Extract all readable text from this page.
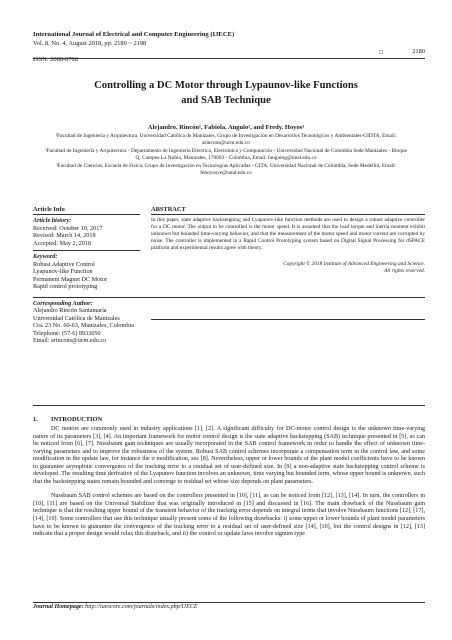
International Journal of Electrical and Computer Engineering (IJECE)
Vol. 8, No. 4, August 2018, pp. 2180 ~ 2198
ISSN: 2088-8708
□	2180
Controlling a DC Motor through Lypaunov-like Functions
and SAB Technique
Alejandro. Rincón¹, Fabiola. Angulo², and Fredy. Hoyos³

¹Facultad de Ingeniería y Arquitectura, Universidad Católica de Manizales, Grupo de Investigación en Desarrollos Tecnológicos y Ambientales-GIDTA, Email: arincons@ucm.edu.co

²Facultad de Ingeniería y Arquitectura - Departamento de Ingeniería Eléctrica, Electrónica y Computación - Universidad Nacional de Colombia Sede Manizales - Bloque Q, Campus La Nubia, Manizales, 170003 - Colombia, Email: fangulog@unal.edu.co

³Facultad de Ciencias, Escuela de Física, Grupo de Investigación en Tecnologías Aplicadas - GITA, Universidad Nacional de Colombia, Sede Medellín, Email: fehoyosve@unal.edu.co

Article Info
Article history:
Received: October 10, 2017
Revised: March 14, 2018
Accepted: May 2, 2018
Keyword:
Robust Adaptive Control
Lyapunov-like Function
Permanent Magnet DC Motor
Rapid control prototyping
Corresponding Author:
Alejandro Rincón Santamaría
Universidad Católica de Manizales
Cra. 23 No. 60-63, Manizales, Colombia
Telephone: (57-6) 8933050
Email: arincons@ucm.edu.co
ABSTRACT
In this paper, state adaptive backstepping and Lyapunov-like function methods are used to design a robust adaptive controller for a DC motor. The output to be controlled is the motor speed. It is assumed that the load torque and inertia moment exhibit unknown but bounded time-varying behavior, and that the measurement of the motor speed and motor current are corrupted by noise. The controller is implemented in a Rapid Control Prototyping system based on Digital Signal Processing for dSPACE platform and experimental results agree with theory.
Copyright © 2018 Institute of Advanced Engineering and Science.
All rights reserved.
1. INTRODUCTION

DC motors are commonly used in industry applications [1], [2]. A significant difficulty for DC-motor control design is the unknown time-varying nature of its parameters [3], [4]. An important framework for motor control design is the state adaptive backstepping (SAB) technique presented in [5], as can be noticed from [6], [7]. Nussbaum gain techniques are usually incorporated in the SAB control framework in order to handle the effect of unknown time-varying parameters and to improve the robustness of the system. Robust SAB control schemes incorporate a compensation term in the control law, and some modification in the update law, for instance the σ modification, see [8]. Nevertheless, upper or lower bounds of the plant model coefficients have to be known to guarantee asymptotic convergence of the tracking error to a residual set of user-defined size. In [9] a non-adaptive state backstepping control scheme is developed. The resulting time derivative of the Lyapunov function involves an unknown, time varying but bounded term, whose upper bound is unknown, such that the backstepping states remain bounded and converge to residual set whose size depends on plant parameters.

Nussbaum SAB control schemes are based on the controllers presented in [10], [11], as can be noticed from [12], [13], [14]. In turn, the controllers in [10], [11] are based on the Universal Stabilizer that was originally introduced in [15] and discussed in [16]. The main drawback of the Nussbaum gain technique is that the resulting upper bound of the transient behavior of the tracking error depends on integral terms that involve Nussbaum functions [12], [17], [14], [10]. Some controllers that use this technique usually present some of the following drawbacks: i) some upper or lower bounds of plant model parameters have to be known to guarantee the convergence of the tracking error to a residual set of user-defined size [14], [10], but the control designs in [12], [13] indicate that a proper design would relax this drawback, and ii) the control or update laws involve signum type

Journal Homepage: http://iaescore.com/journals/index.php/IJECE
